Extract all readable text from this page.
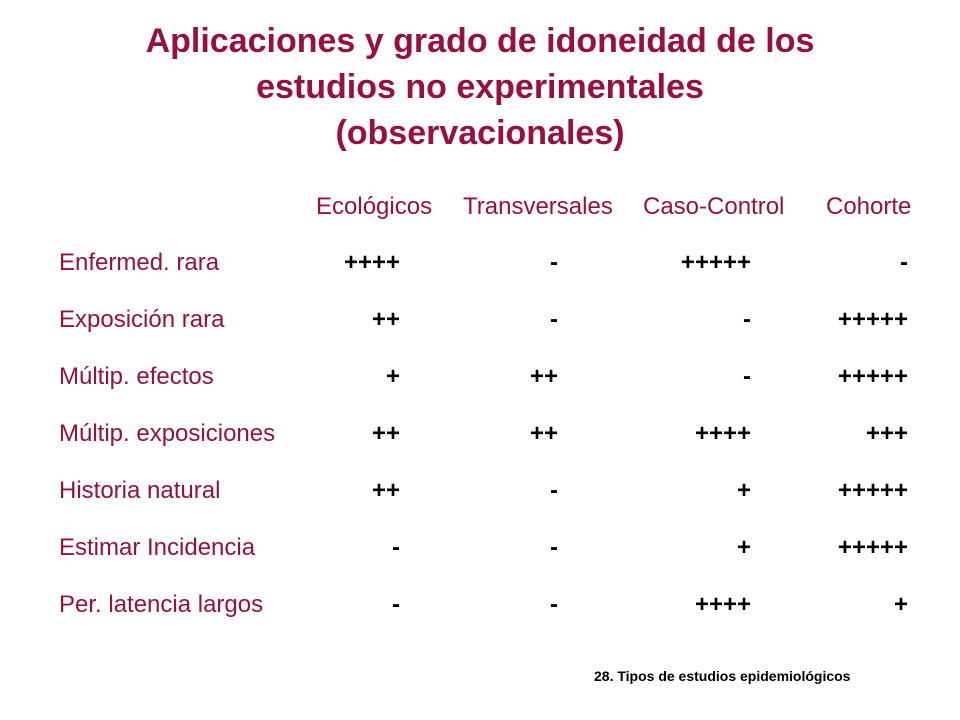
Aplicaciones y grado de idoneidad de los
estudios no experimentales
(observacionales)
Ecológicos Transversales Caso-Control Cohorte
Enfermed. rara	++++	-	+++++	-
Exposición rara	++	-	-	+++++
Múltip. efectos	+	++	-	+++++
Múltip. exposiciones	++	++	++++	+++
Historia natural	++	-	+	+++++
Estimar Incidencia	-	-	+	+++++
Per. latencia largos	-	-	++++	+
28. Tipos de estudios epidemiológicos
